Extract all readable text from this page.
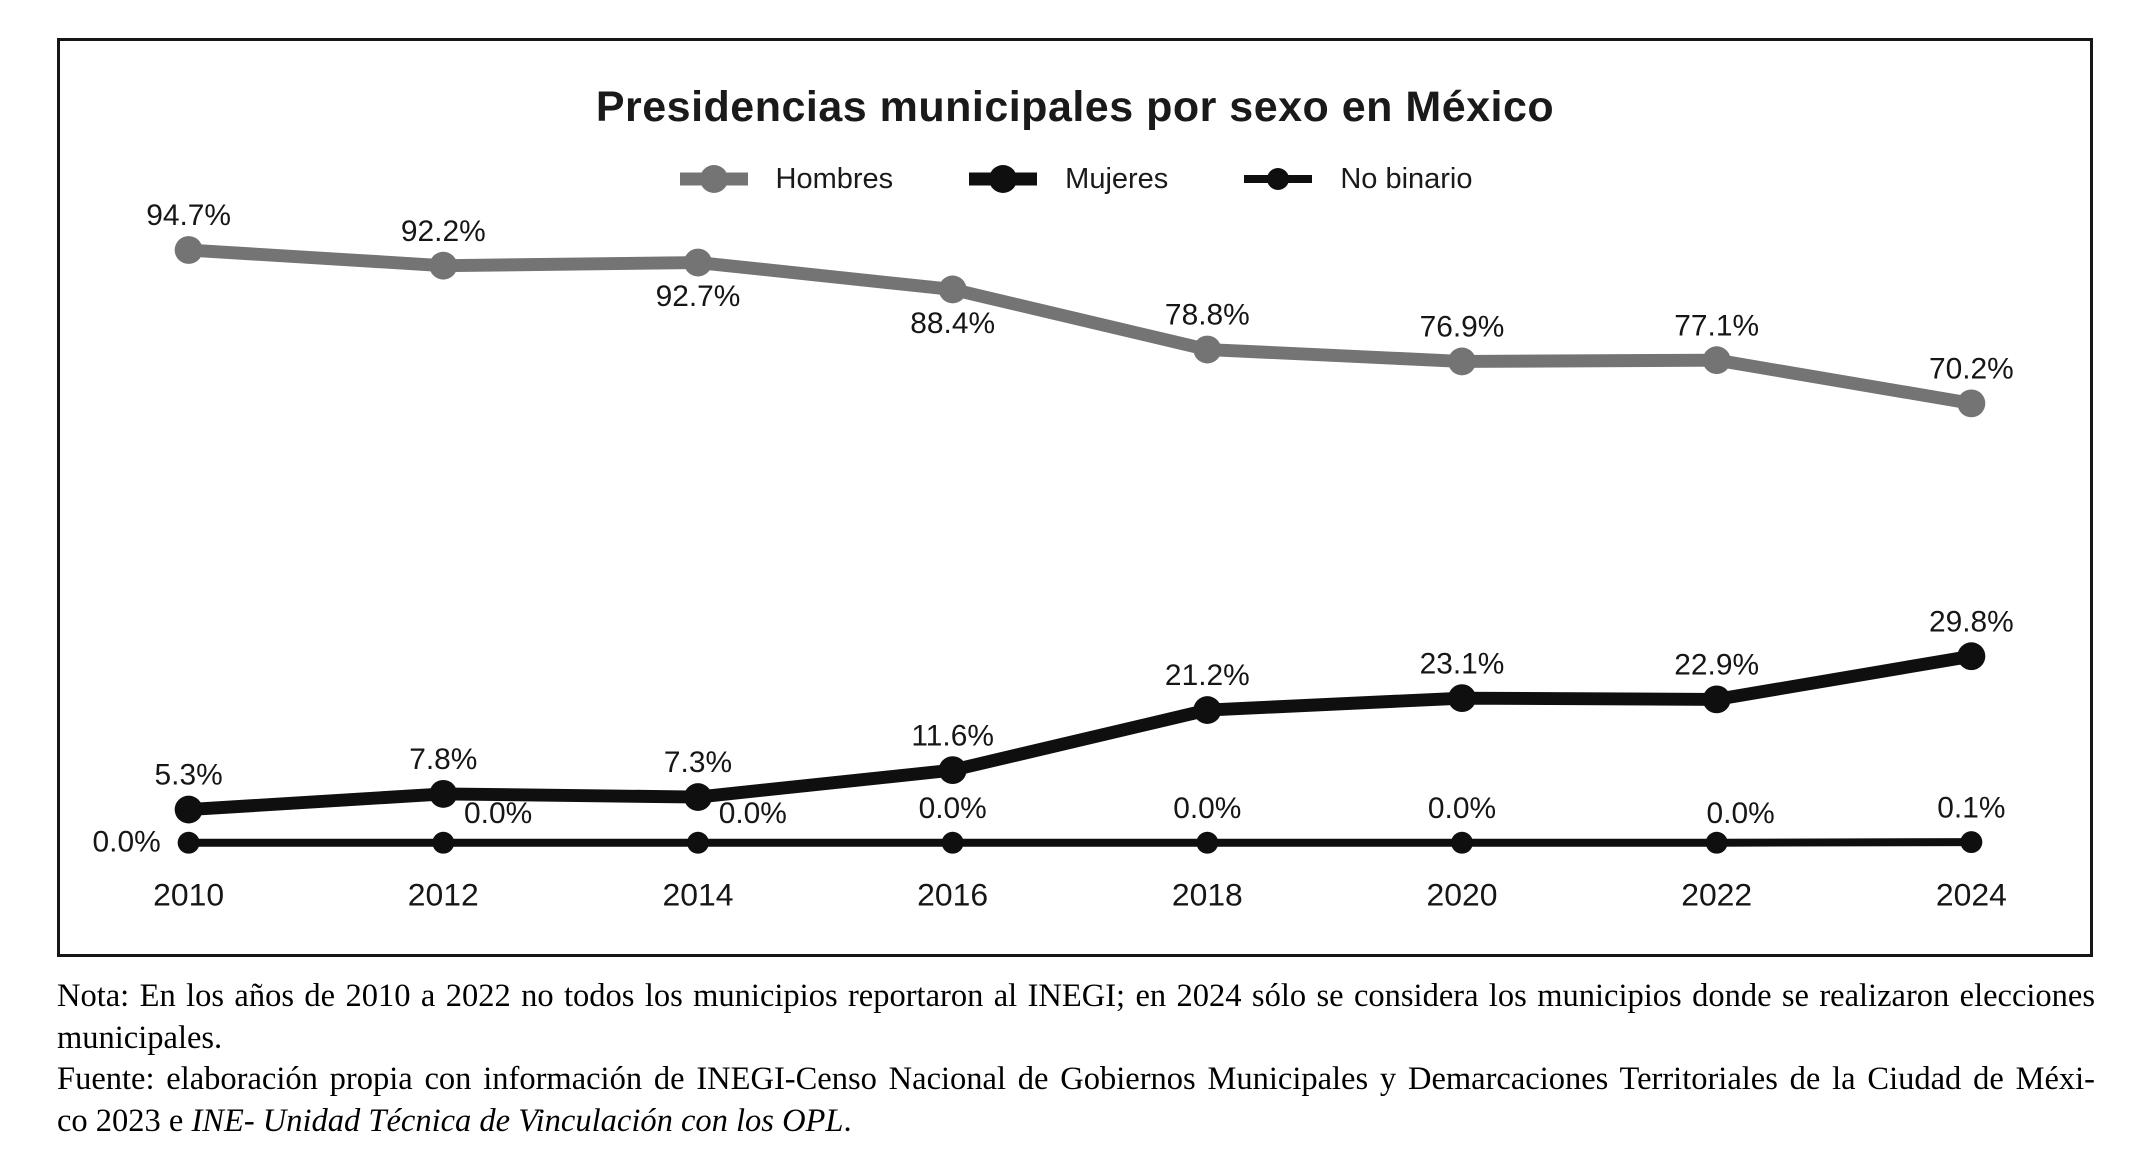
Presidencias municipales por sexo en México
Hombres	Mujeres	No binario
94.7%	92.2%
92.7%
88.4%	78.8%	76.9%	77.1%
70.2%
5.3%	7.8%	7.3%
11.6%
21.2%	23.1%	22.9%
29.8%
0.0%
0.0%	0.0%	0.0%	0.0%	0.0%	0.0%	0.1%
2010	2012	2014	2016	2018	2020	2022	2024
Nota: En los años de 2010 a 2022 no todos los municipios reportaron al INEGI; en 2024 sólo se considera los municipios donde se realizaron elecciones
municipales.
Fuente: elaboración propia con información de INEGI-Censo Nacional de Gobiernos Municipales y Demarcaciones Territoriales de la Ciudad de Méxi-
co 2023 e INE- Unidad Técnica de Vinculación con los OPL.
